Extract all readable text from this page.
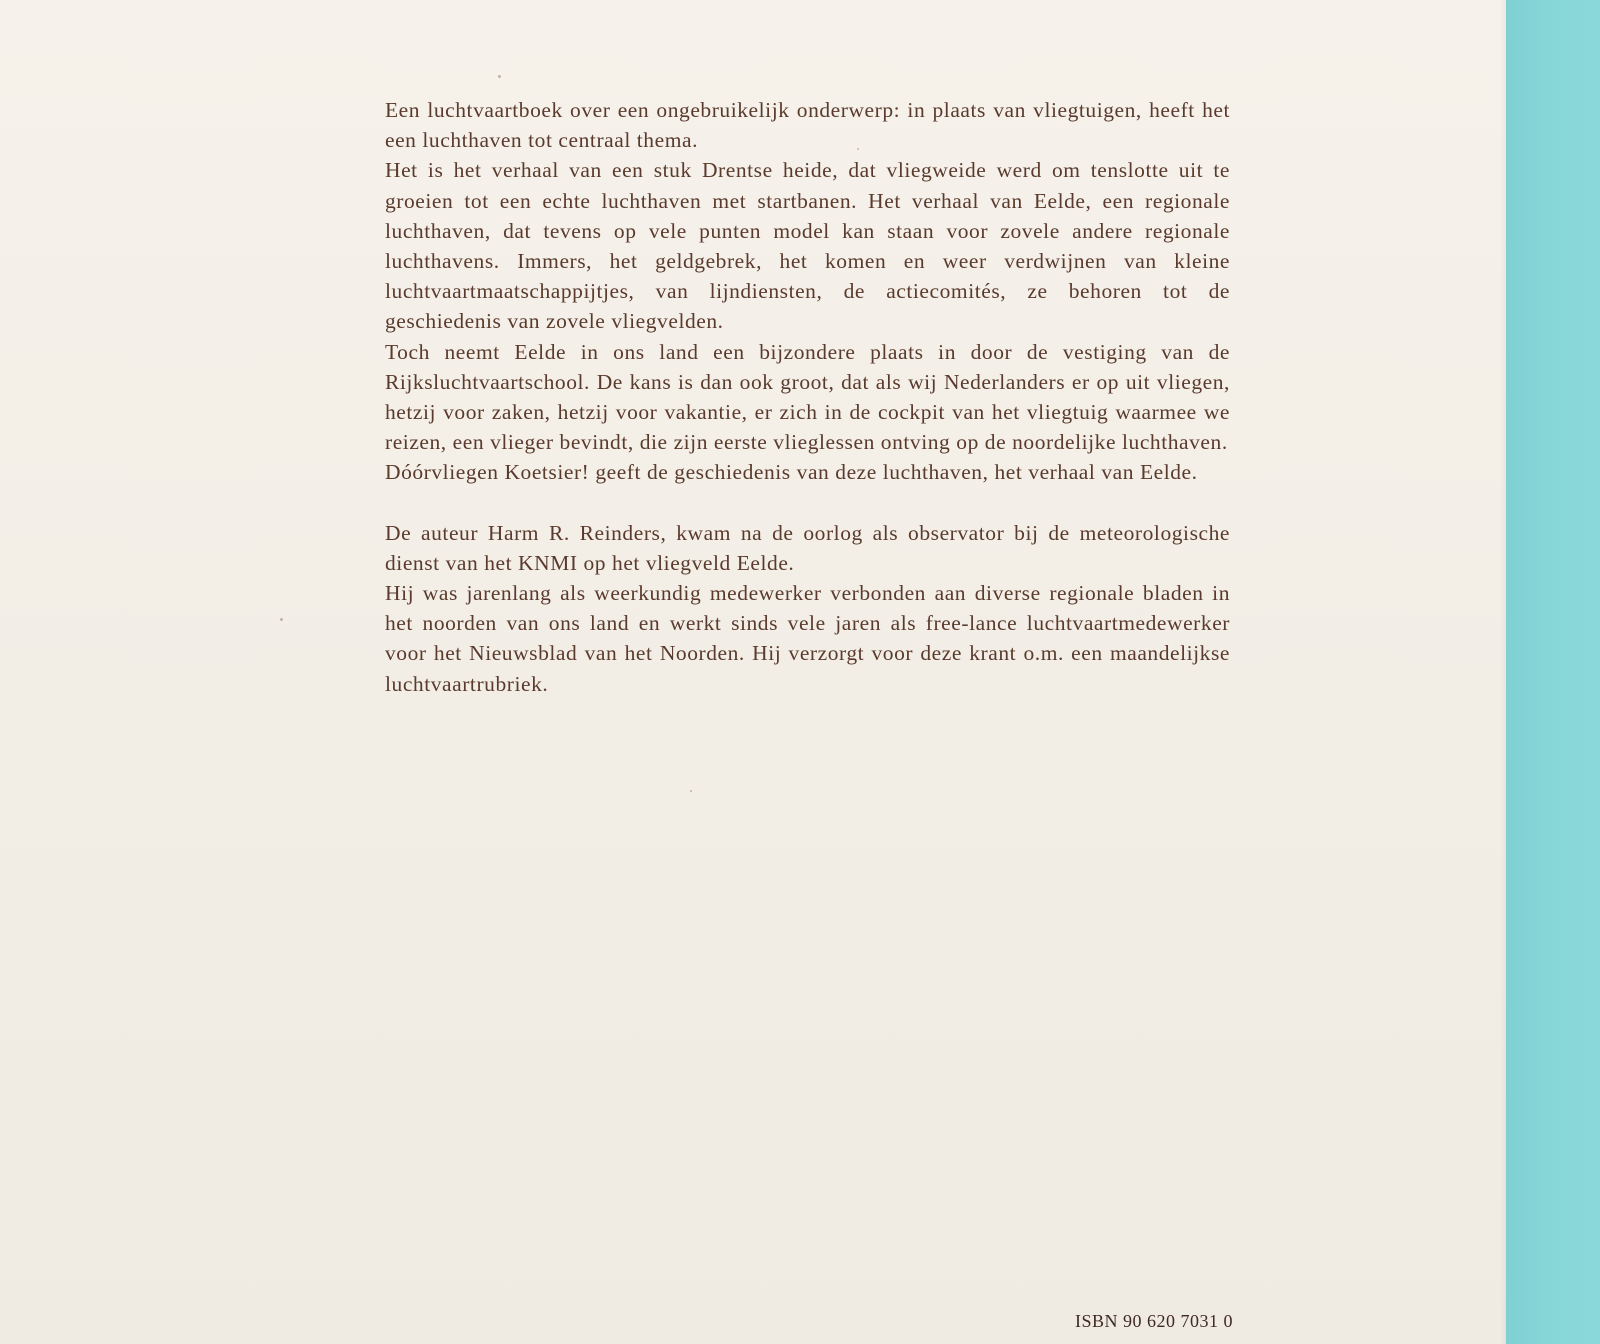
Een luchtvaartboek over een ongebruikelijk onderwerp: in plaats van vliegtuigen, heeft het een luchthaven tot centraal thema.

Het is het verhaal van een stuk Drentse heide, dat vliegweide werd om tenslotte uit te groeien tot een echte luchthaven met startbanen. Het verhaal van Eelde, een regionale luchthaven, dat tevens op vele punten model kan staan voor zovele andere regionale luchthavens. Immers, het geldgebrek, het komen en weer verdwijnen van kleine luchtvaartmaatschappijtjes, van lijndiensten, de actiecomités, ze behoren tot de geschiedenis van zovele vliegvelden.

Toch neemt Eelde in ons land een bijzondere plaats in door de vestiging van de Rijksluchtvaartschool. De kans is dan ook groot, dat als wij Nederlanders er op uit vliegen, hetzij voor zaken, hetzij voor vakantie, er zich in de cockpit van het vliegtuig waarmee we reizen, een vlieger bevindt, die zijn eerste vlieglessen ontving op de noordelijke luchthaven.

Dóórvliegen Koetsier! geeft de geschiedenis van deze luchthaven, het verhaal van Eelde.

De auteur Harm R. Reinders, kwam na de oorlog als observator bij de meteorologische dienst van het KNMI op het vliegveld Eelde.

Hij was jarenlang als weerkundig medewerker verbonden aan diverse regionale bladen in het noorden van ons land en werkt sinds vele jaren als free-lance luchtvaartmedewerker voor het Nieuwsblad van het Noorden. Hij verzorgt voor deze krant o.m. een maandelijkse luchtvaartrubriek.

ISBN 90 620 7031 0
